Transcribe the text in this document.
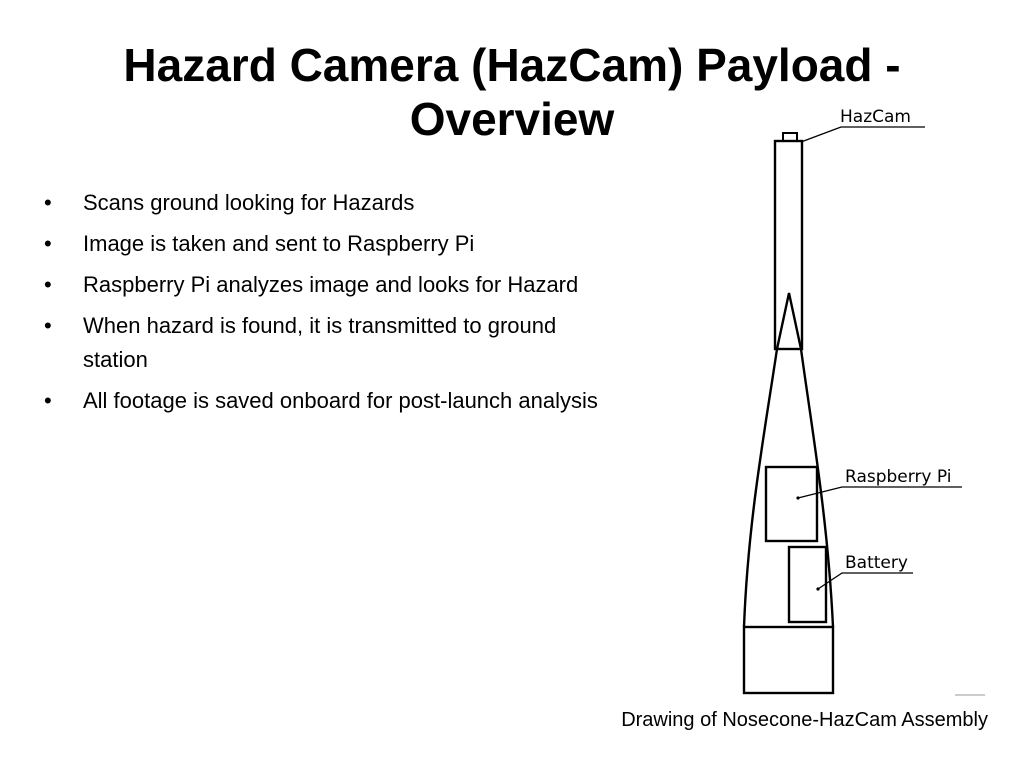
Hazard Camera (HazCam) Payload -
Overview
• Scans ground looking for Hazards
• Image is taken and sent to Raspberry Pi
• Raspberry Pi analyzes image and looks for Hazard
• When hazard is found, it is transmitted to ground station
• All footage is saved onboard for post-launch analysis
HazCam
Raspberry Pi
Battery
Drawing of Nosecone-HazCam Assembly
